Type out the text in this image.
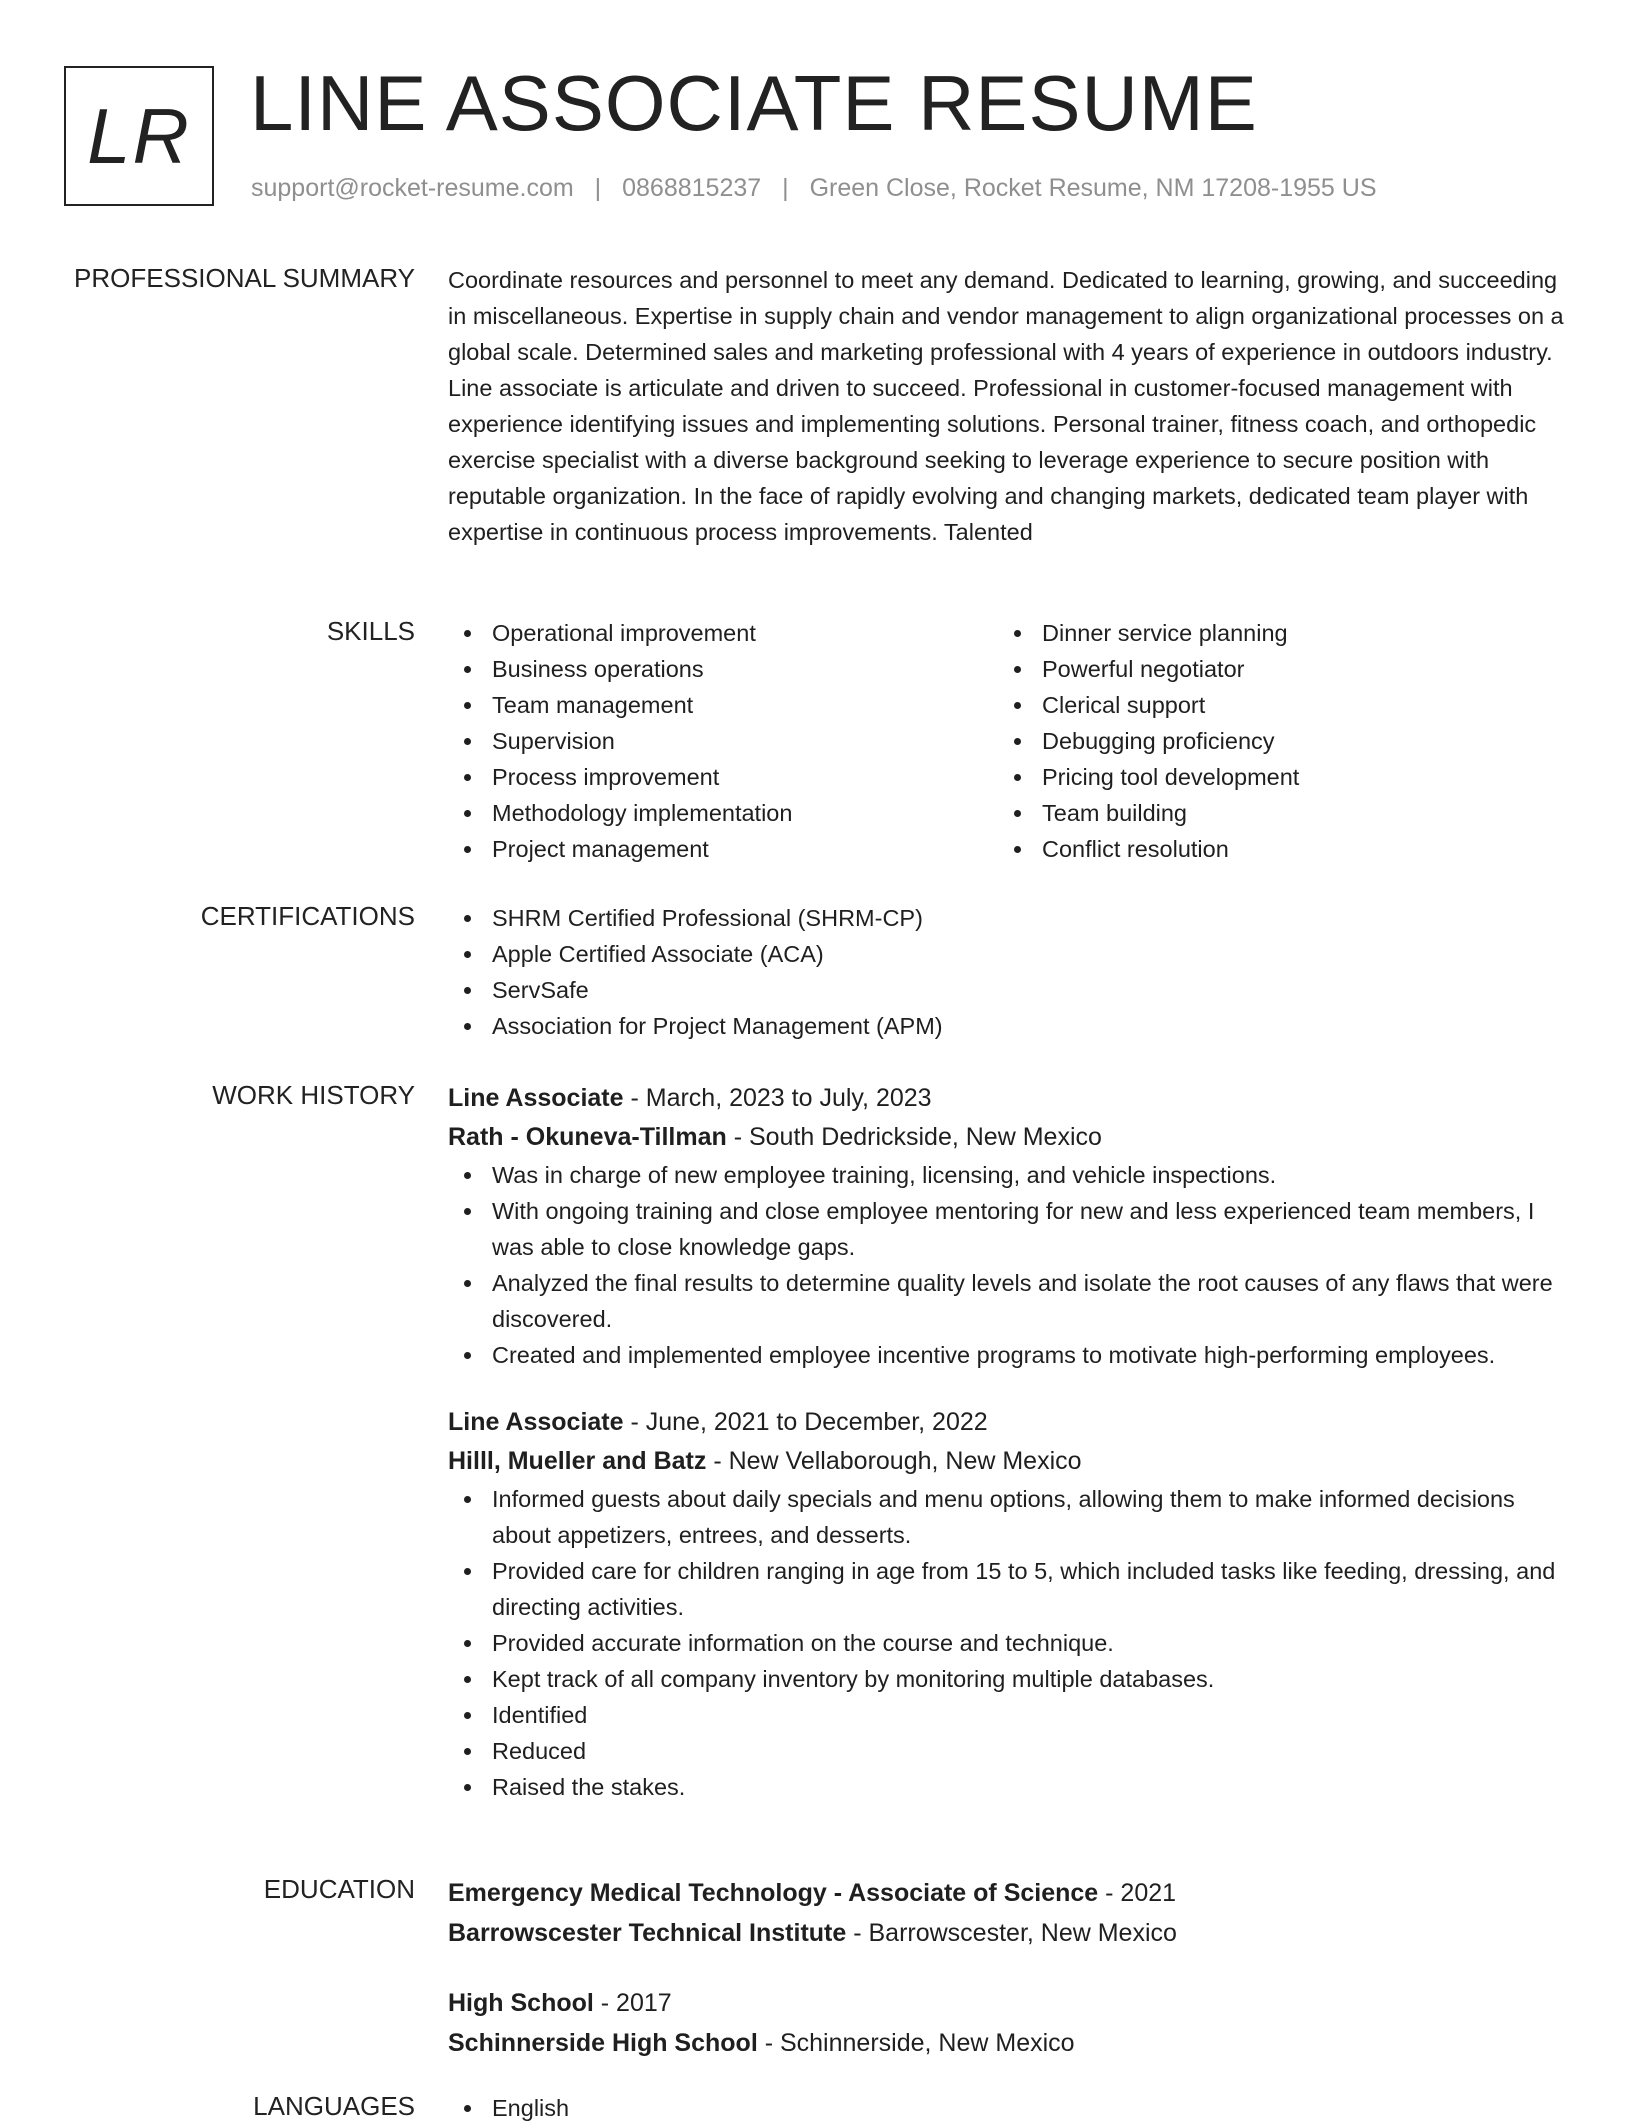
LR LINE ASSOCIATE RESUME
support@rocket-resume.com | 0868815237 | Green Close, Rocket Resume, NM 17208-1955 US
PROFESSIONAL SUMMARY Coordinate resources and personnel to meet any demand. Dedicated to learning, growing, and succeeding in miscellaneous. Expertise in supply chain and vendor management to align organizational processes on a global scale. Determined sales and marketing professional with 4 years of experience in outdoors industry. Line associate is articulate and driven to succeed. Professional in customer-focused management with experience identifying issues and implementing solutions. Personal trainer, fitness coach, and orthopedic exercise specialist with a diverse background seeking to leverage experience to secure position with reputable organization. In the face of rapidly evolving and changing markets, dedicated team player with expertise in continuous process improvements. Talented
SKILLS	Operational improvement
Business operations
Team management
Supervision
Process improvement
Methodology implementation
Project management
Dinner service planning
Powerful negotiator
Clerical support
Debugging proficiency
Pricing tool development
Team building
Conflict resolution
CERTIFICATIONS	SHRM Certified Professional (SHRM-CP)
Apple Certified Associate (ACA)
ServSafe
Association for Project Management (APM)
WORK HISTORY Line Associate - March, 2023 to July, 2023
Rath - Okuneva-Tillman - South Dedrickside, New Mexico
Was in charge of new employee training, licensing, and vehicle inspections.
With ongoing training and close employee mentoring for new and less experienced team members, I was able to close knowledge gaps.
Analyzed the final results to determine quality levels and isolate the root causes of any flaws that were discovered.
Created and implemented employee incentive programs to motivate high-performing employees.
Line Associate - June, 2021 to December, 2022
Hilll, Mueller and Batz - New Vellaborough, New Mexico
Informed guests about daily specials and menu options, allowing them to make informed decisions about appetizers, entrees, and desserts.
Provided care for children ranging in age from 15 to 5, which included tasks like feeding, dressing, and directing activities.
Provided accurate information on the course and technique.
Kept track of all company inventory by monitoring multiple databases.
Identified
Reduced
Raised the stakes.
EDUCATION Emergency Medical Technology - Associate of Science - 2021
Barrowscester Technical Institute - Barrowscester, New Mexico
High School - 2017
Schinnerside High School - Schinnerside, New Mexico
LANGUAGES	English
